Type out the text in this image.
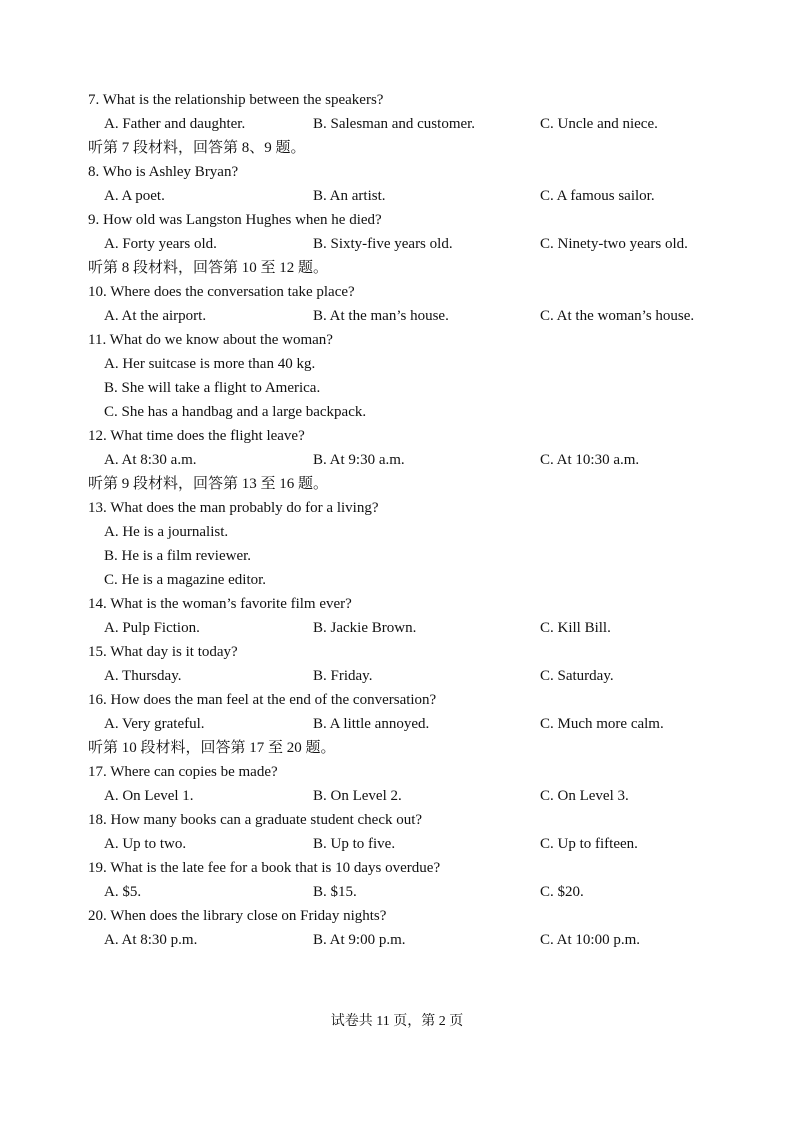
7. What is the relationship between the speakers?
A. Father and daughter.	B. Salesman and customer.	C. Uncle and niece.
听第 7 段材料，回答第 8、9 题。
8. Who is Ashley Bryan?
A. A poet.	B. An artist.	C. A famous sailor.
9. How old was Langston Hughes when he died?
A. Forty years old.	B. Sixty-five years old.	C. Ninety-two years old.
听第 8 段材料，回答第 10 至 12 题。
10. Where does the conversation take place?
A. At the airport.	B. At the man’s house.	C. At the woman’s house.
11. What do we know about the woman?
A. Her suitcase is more than 40 kg.
B. She will take a flight to America.
C. She has a handbag and a large backpack.
12. What time does the flight leave?
A. At 8:30 a.m.	B. At 9:30 a.m.	C. At 10:30 a.m.
听第 9 段材料，回答第 13 至 16 题。
13. What does the man probably do for a living?
A. He is a journalist.
B. He is a film reviewer.
C. He is a magazine editor.
14. What is the woman’s favorite film ever?
A. Pulp Fiction.	B. Jackie Brown.	C. Kill Bill.
15. What day is it today?
A. Thursday.	B. Friday.	C. Saturday.
16. How does the man feel at the end of the conversation?
A. Very grateful.	B. A little annoyed.	C. Much more calm.
听第 10 段材料，回答第 17 至 20 题。
17. Where can copies be made?
A. On Level 1.	B. On Level 2.	C. On Level 3.
18. How many books can a graduate student check out?
A. Up to two.	B. Up to five.	C. Up to fifteen.
19. What is the late fee for a book that is 10 days overdue?
A. $5.	B. $15.	C. $20.
20. When does the library close on Friday nights?
A. At 8:30 p.m.	B. At 9:00 p.m.	C. At 10:00 p.m.
试卷共 11 页，第 2 页
